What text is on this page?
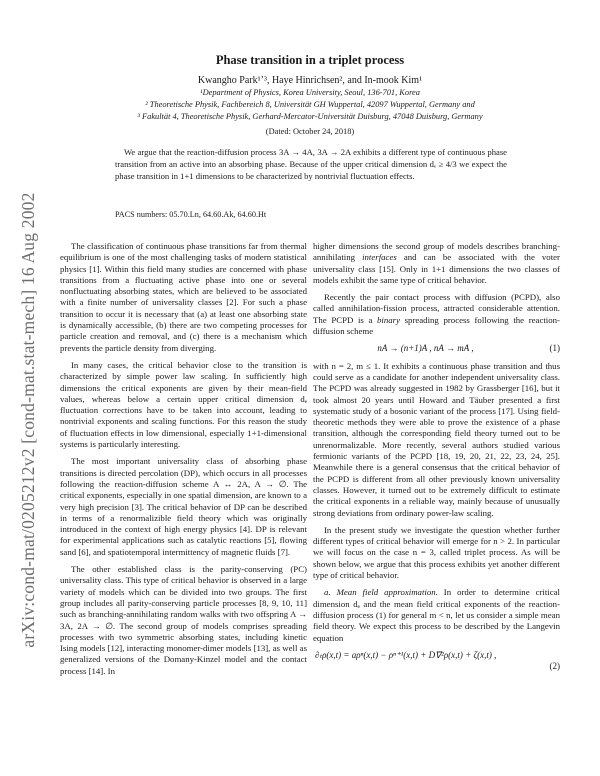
arXiv:cond-mat/0205212v2 [cond-mat.stat-mech] 16 Aug 2002
Phase transition in a triplet process
Kwangho Park¹ʼ³, Haye Hinrichsen², and In-mook Kim¹
¹Department of Physics, Korea University, Seoul, 136-701, Korea
² Theoretische Physik, Fachbereich 8, Universität GH Wuppertal, 42097 Wuppertal, Germany and
³ Fakultät 4, Theoretische Physik, Gerhard-Mercator-Universität Duisburg, 47048 Duisburg, Germany
(Dated: October 24, 2018)
We argue that the reaction-diffusion process 3A → 4A, 3A → 2A exhibits a different type of continuous phase transition from an active into an absorbing phase. Because of the upper critical dimension dₑ ≥ 4/3 we expect the phase transition in 1+1 dimensions to be characterized by nontrivial fluctuation effects.
PACS numbers: 05.70.Ln, 64.60.Ak, 64.60.Ht

The classification of continuous phase transitions far from thermal equilibrium is one of the most challenging tasks of modern statistical physics [1]. Within this field many studies are concerned with phase transitions from a fluctuating active phase into one or several nonfluctuating absorbing states, which are believed to be associated with a finite number of universality classes [2]. For such a phase transition to occur it is necessary that (a) at least one absorbing state is dynamically accessible, (b) there are two competing processes for particle creation and removal, and (c) there is a mechanism which prevents the particle density from diverging.

In many cases, the critical behavior close to the transition is characterized by simple power law scaling. In sufficiently high dimensions the critical exponents are given by their mean-field values, whereas below a certain upper critical dimension dₑ fluctuation corrections have to be taken into account, leading to nontrivial exponents and scaling functions. For this reason the study of fluctuation effects in low dimensional, especially 1+1-dimensional systems is particularly interesting.

The most important universality class of absorbing phase transitions is directed percolation (DP), which occurs in all processes following the reaction-diffusion scheme A ↔ 2A, A → ∅. The critical exponents, especially in one spatial dimension, are known to a very high precision [3]. The critical behavior of DP can be described in terms of a renormalizible field theory which was originally introduced in the context of high energy physics [4]. DP is relevant for experimental applications such as catalytic reactions [5], flowing sand [6], and spatiotemporal intermittency of magnetic fluids [7].

The other established class is the parity-conserving (PC) universality class. This type of critical behavior is observed in a large variety of models which can be divided into two groups. The first group includes all parity-conserving particle processes [8, 9, 10, 11] such as branching-annihilating random walks with two offspring A → 3A, 2A → ∅. The second group of models comprises spreading processes with two symmetric absorbing states, including kinetic Ising models [12], interacting monomer-dimer models [13], as well as generalized versions of the Domany-Kinzel model and the contact process [14]. In

higher dimensions the second group of models describes branching-annihilating interfaces and can be associated with the voter universality class [15]. Only in 1+1 dimensions the two classes of models exhibit the same type of critical behavior.

Recently the pair contact process with diffusion (PCPD), also called annihilation-fission process, attracted considerable attention. The PCPD is a binary spreading process following the reaction-diffusion scheme

nA → (n+1)A , nA → mA ,	(1)

with n = 2, m ≤ 1. It exhibits a continuous phase transition and thus could serve as a candidate for another independent universality class. The PCPD was already suggested in 1982 by Grassberger [16], but it took almost 20 years until Howard and Täuber presented a first systematic study of a bosonic variant of the process [17]. Using field-theoretic methods they were able to prove the existence of a phase transition, although the corresponding field theory turned out to be unrenormalizable. More recently, several authors studied various fermionic variants of the PCPD [18, 19, 20, 21, 22, 23, 24, 25]. Meanwhile there is a general consensus that the critical behavior of the PCPD is different from all other previously known universality classes. However, it turned out to be extremely difficult to estimate the critical exponents in a reliable way, mainly because of unusually strong deviations from ordinary power-law scaling.

In the present study we investigate the question whether further different types of critical behavior will emerge for n > 2. In particular we will focus on the case n = 3, called triplet process. As will be shown below, we argue that this process exhibits yet another different type of critical behavior.

a. Mean field approximation. In order to determine critical dimension dₑ and the mean field critical exponents of the reaction-diffusion process (1) for general m < n, let us consider a simple mean field theory. We expect this process to be described by the Langevin equation

∂ₜρ(x,t) = aρⁿ(x,t) − ρⁿ⁺¹(x,t) + D∇²ρ(x,t) + ζ(x,t) ,
(2)
